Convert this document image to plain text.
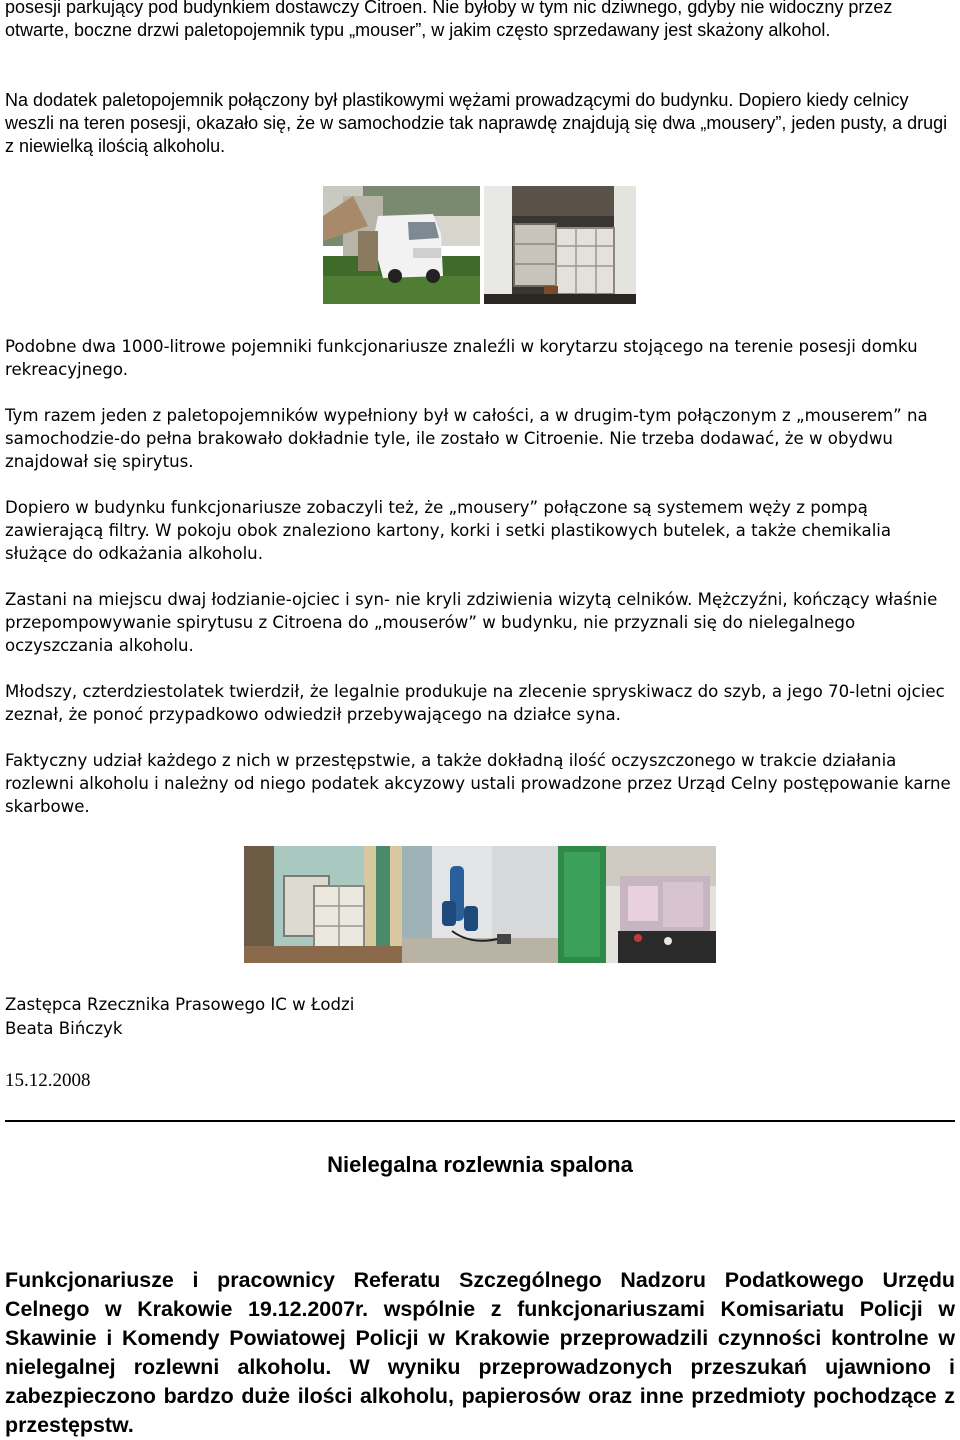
posesji parkujący pod budynkiem dostawczy Citroen. Nie byłoby w tym nic dziwnego, gdyby nie widoczny przez otwarte, boczne drzwi paletopojemnik typu „mouser”, w jakim często sprzedawany jest skażony alkohol.

Na dodatek paletopojemnik połączony był plastikowymi wężami prowadzącymi do budynku. Dopiero kiedy celnicy weszli na teren posesji, okazało się, że w samochodzie tak naprawdę znajdują się dwa „mousery”, jeden pusty, a drugi z niewielką ilością alkoholu.

Podobne dwa 1000-litrowe pojemniki funkcjonariusze znaleźli w korytarzu stojącego na terenie posesji domku rekreacyjnego.

Tym razem jeden z paletopojemników wypełniony był w całości, a w drugim-tym połączonym z „mouserem” na samochodzie-do pełna brakowało dokładnie tyle, ile zostało w Citroenie. Nie trzeba dodawać, że w obydwu znajdował się spirytus.

Dopiero w budynku funkcjonariusze zobaczyli też, że „mousery” połączone są systemem węży z pompą zawierającą filtry. W pokoju obok znaleziono kartony, korki i setki plastikowych butelek, a także chemikalia służące do odkażania alkoholu.

Zastani na miejscu dwaj łodzianie-ojciec i syn- nie kryli zdziwienia wizytą celników. Mężczyźni, kończący właśnie przepompowywanie spirytusu z Citroena do „mouserów” w budynku, nie przyznali się do nielegalnego oczyszczania alkoholu.

Młodszy, czterdziestolatek twierdził, że legalnie produkuje na zlecenie spryskiwacz do szyb, a jego 70-letni ojciec zeznał, że ponoć przypadkowo odwiedził przebywającego na działce syna.

Faktyczny udział każdego z nich w przestępstwie, a także dokładną ilość oczyszczonego w trakcie działania rozlewni alkoholu i należny od niego podatek akcyzowy ustali prowadzone przez Urząd Celny postępowanie karne skarbowe.

Zastępca Rzecznika Prasowego IC w Łodzi

Beata Bińczyk

15.12.2008

Nielegalna rozlewnia spalona

Funkcjonariusze i pracownicy Referatu Szczególnego Nadzoru Podatkowego Urzędu Celnego w Krakowie 19.12.2007r. wspólnie z funkcjonariuszami Komisariatu Policji w Skawinie i Komendy Powiatowej Policji w Krakowie przeprowadzili czynności kontrolne w nielegalnej rozlewni alkoholu. W wyniku przeprowadzonych przeszukań ujawniono i zabezpieczono bardzo duże ilości alkoholu, papierosów oraz inne przedmioty pochodzące z przestępstw.
